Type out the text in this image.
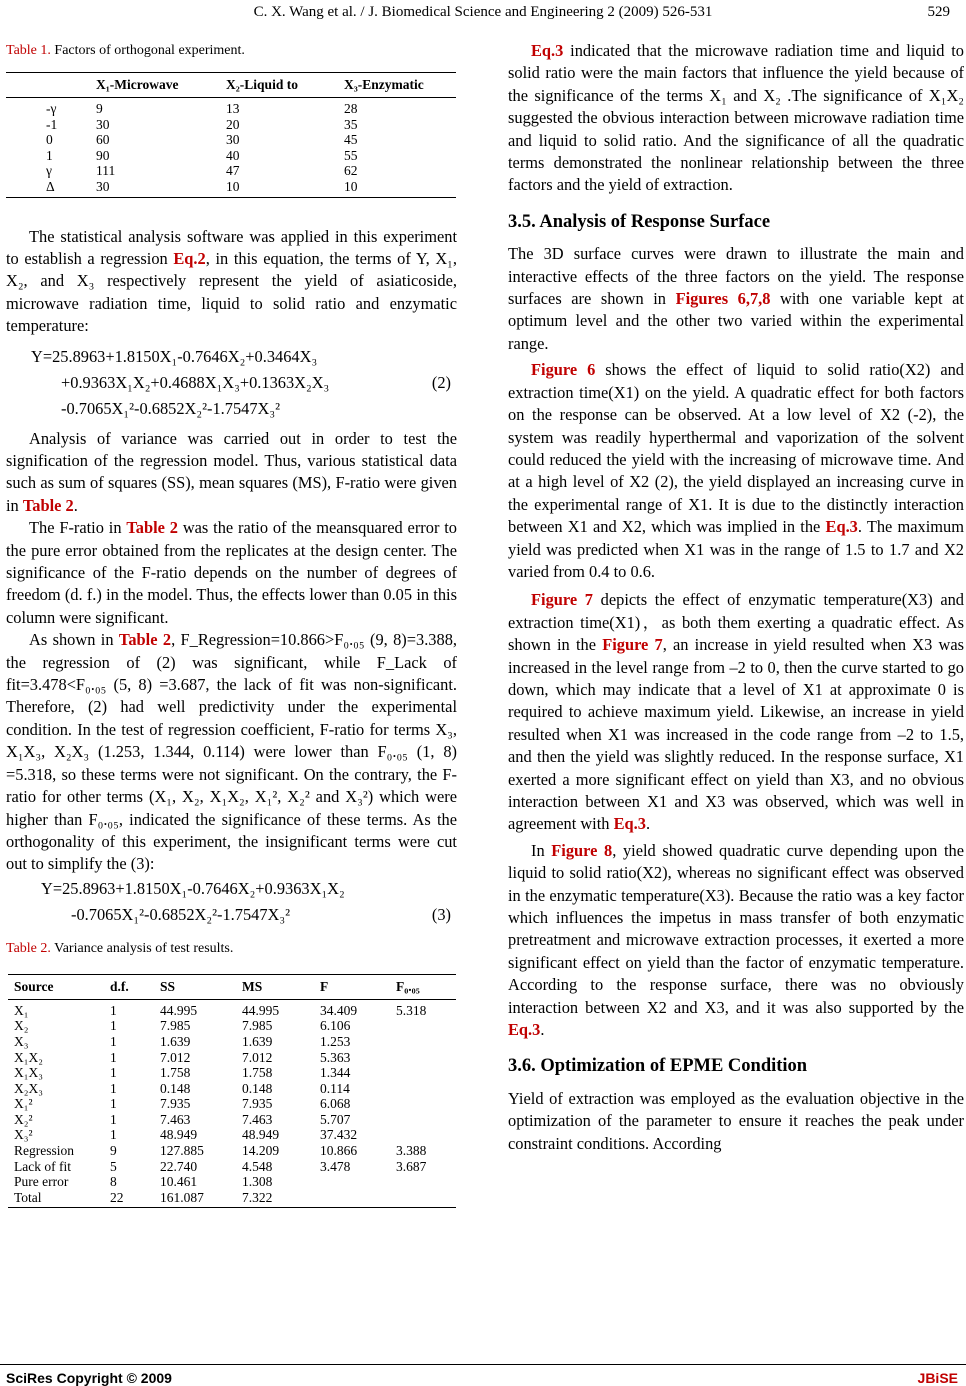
C. X. Wang et al. / J. Biomedical Science and Engineering 2 (2009) 526-531	529
Table 1. Factors of orthogonal experiment.
	X₁-Microwave	X₂-Liquid to	X₃-Enzymatic
-γ	9	13	28
-1	30	20	35
0	60	30	45
1	90	40	55
γ	111	47	62
Δ	30	10	10

The statistical analysis software was applied in this experiment to establish a regression Eq.2, in this equation, the terms of Y, X₁, X₂, and X₃ respectively represent the yield of asiaticoside, microwave radiation time, liquid to solid ratio and enzymatic temperature:

Y=25.8963+1.8150X₁-0.7646X₂+0.3464X₃
+0.9363X₁X₂+0.4688X₁X₃+0.1363X₂X₃	(2)
-0.7065X₁²-0.6852X₂²-1.7547X₃²

Analysis of variance was carried out in order to test the signification of the regression model. Thus, various statistical data such as sum of squares (SS), mean squares (MS), F-ratio were given in Table 2.

The F-ratio in Table 2 was the ratio of the meansquared error to the pure error obtained from the replicates at the design center. The significance of the F-ratio depends on the number of degrees of freedom (d. f.) in the model. Thus, the effects lower than 0.05 in this column were significant.

As shown in Table 2, F_Regression=10.866>F₀.₀₅ (9, 8)=3.388, the regression of (2) was significant, while F_Lack of fit=3.478<F₀.₀₅ (5, 8) =3.687, the lack of fit was non-significant. Therefore, (2) had well predictivity under the experimental condition. In the test of regression coefficient, F-ratio for terms X₃, X₁X₃, X₂X₃ (1.253, 1.344, 0.114) were lower than F₀.₀₅ (1, 8) =5.318, so these terms were not significant. On the contrary, the F-ratio for other terms (X₁, X₂, X₁X₂, X₁², X₂² and X₃²) which were higher than F₀.₀₅, indicated the significance of these terms. As the orthogonality of this experiment, the insignificant terms were cut out to simplify the (3):

Y=25.8963+1.8150X₁-0.7646X₂+0.9363X₁X₂
-0.7065X₁²-0.6852X₂²-1.7547X₃²	(3)
Table 2. Variance analysis of test results.
Source	d.f.	SS	MS	F	F₀.₀₅
X₁	1	44.995	44.995	34.409	5.318
X₂	1	7.985	7.985	6.106	
X₃	1	1.639	1.639	1.253	
X₁X₂	1	7.012	7.012	5.363	
X₁X₃	1	1.758	1.758	1.344	
X₂X₃	1	0.148	0.148	0.114	
X₁²	1	7.935	7.935	6.068	
X₂²	1	7.463	7.463	5.707	
X₃²	1	48.949	48.949	37.432	
Regression	9	127.885	14.209	10.866	3.388
Lack of fit	5	22.740	4.548	3.478	3.687
Pure error	8	10.461	1.308		
Total	22	161.087	7.322		

Eq.3 indicated that the microwave radiation time and liquid to solid ratio were the main factors that influence the yield because of the significance of the terms X₁ and X₂ .The significance of X₁X₂ suggested the obvious interaction between microwave radiation time and liquid to solid ratio. And the significance of all the quadratic terms demonstrated the nonlinear relationship between the three factors and the yield of extraction.

3.5. Analysis of Response Surface

The 3D surface curves were drawn to illustrate the main and interactive effects of the three factors on the yield. The response surfaces are shown in Figures 6,7,8 with one variable kept at optimum level and the other two varied within the experimental range.

Figure 6 shows the effect of liquid to solid ratio(X2) and extraction time(X1) on the yield. A quadratic effect for both factors on the response can be observed. At a low level of X2 (-2), the system was readily hyperthermal and vaporization of the solvent could reduced the yield with the increasing of microwave time. And at a high level of X2 (2), the yield displayed an increasing curve in the experimental range of X1. It is due to the distinctly interaction between X1 and X2, which was implied in the Eq.3. The maximum yield was predicted when X1 was in the range of 1.5 to 1.7 and X2 varied from 0.4 to 0.6.

Figure 7 depicts the effect of enzymatic temperature(X3) and extraction time(X1)，as both them exerting a quadratic effect. As shown in the Figure 7, an increase in yield resulted when X3 was increased in the level range from –2 to 0, then the curve started to go down, which may indicate that a level of X1 at approximate 0 is required to achieve maximum yield. Likewise, an increase in yield resulted when X1 was increased in the code range from –2 to 1.5, and then the yield was slightly reduced. In the response surface, X1 exerted a more significant effect on yield than X3, and no obvious interaction between X1 and X3 was observed, which was well in agreement with Eq.3.

In Figure 8, yield showed quadratic curve depending upon the liquid to solid ratio(X2), whereas no significant effect was observed in the enzymatic temperature(X3). Because the ratio was a key factor which influences the impetus in mass transfer of both enzymatic pretreatment and microwave extraction processes, it exerted a more significant effect on yield than the factor of enzymatic temperature. According to the response surface, there was no obviously interaction between X2 and X3, and it was also supported by the Eq.3.

3.6. Optimization of EPME Condition

Yield of extraction was employed as the evaluation objective in the optimization of the parameter to ensure it reaches the peak under constraint conditions. According

SciRes Copyright © 2009	JBiSE
